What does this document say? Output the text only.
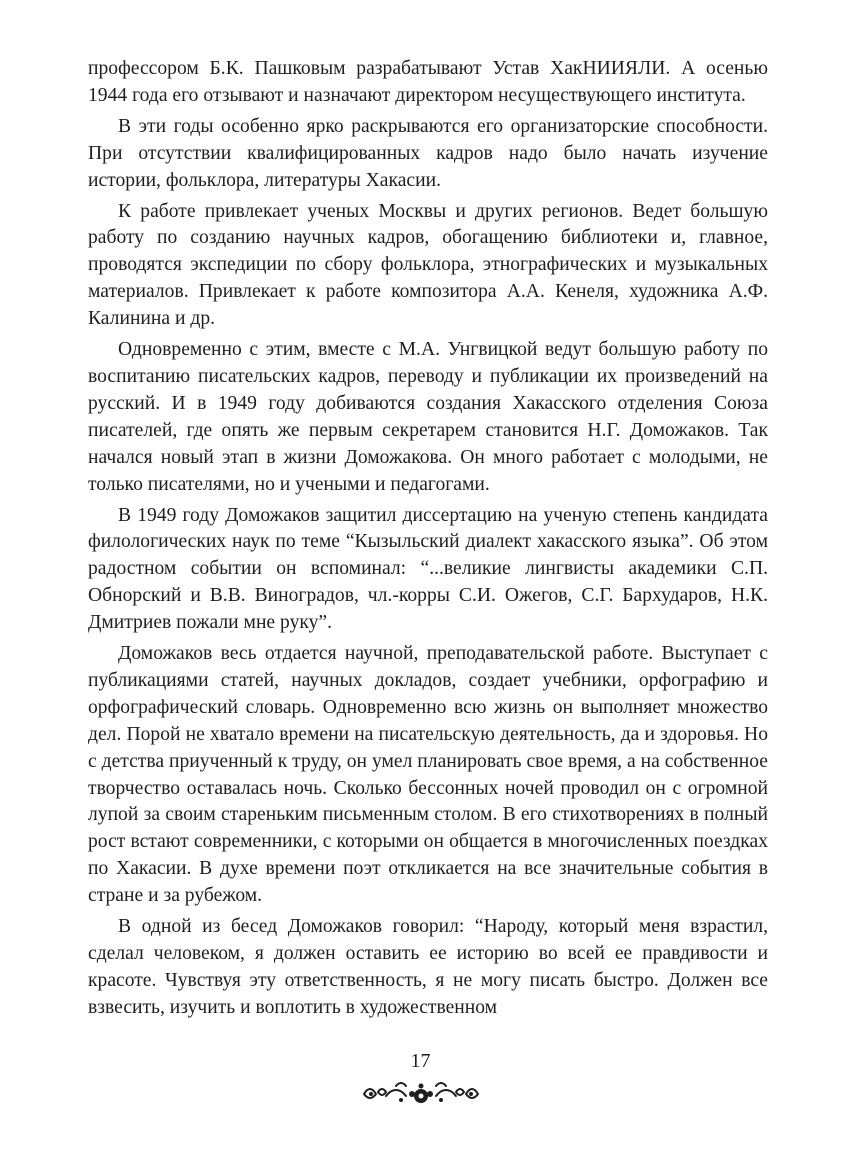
профессором Б.К. Пашковым разрабатывают Устав ХакНИИЯЛИ. А осенью 1944 года его отзывают и назначают директором несуществующего института.

В эти годы особенно ярко раскрываются его организаторские способности. При отсутствии квалифицированных кадров надо было начать изучение истории, фольклора, литературы Хакасии.

К работе привлекает ученых Москвы и других регионов. Ведет большую работу по созданию научных кадров, обогащению библиотеки и, главное, проводятся экспедиции по сбору фольклора, этнографических и музыкальных материалов. Привлекает к работе композитора А.А. Кенеля, художника А.Ф. Калинина и др.

Одновременно с этим, вместе с М.А. Унгвицкой ведут большую работу по воспитанию писательских кадров, переводу и публикации их произведений на русский. И в 1949 году добиваются создания Хакасского отделения Союза писателей, где опять же первым секретарем становится Н.Г. Доможаков. Так начался новый этап в жизни Доможакова. Он много работает с молодыми, не только писателями, но и учеными и педагогами.

В 1949 году Доможаков защитил диссертацию на ученую степень кандидата филологических наук по теме “Кызыльский диалект хакасского языка”. Об этом радостном событии он вспоминал: “...великие лингвисты академики С.П. Обнорский и В.В. Виноградов, чл.-корры С.И. Ожегов, С.Г. Бархударов, Н.К. Дмитриев пожали мне руку”.

Доможаков весь отдается научной, преподавательской работе. Выступает с публикациями статей, научных докладов, создает учебники, орфографию и орфографический словарь. Одновременно всю жизнь он выполняет множество дел. Порой не хватало времени на писательскую деятельность, да и здоровья. Но с детства приученный к труду, он умел планировать свое время, а на собственное творчество оставалась ночь. Сколько бессонных ночей проводил он с огромной лупой за своим стареньким письменным столом. В его стихотворениях в полный рост встают современники, с которыми он общается в многочисленных поездках по Хакасии. В духе времени поэт откликается на все значительные события в стране и за рубежом.

В одной из бесед Доможаков говорил: “Народу, который меня взрастил, сделал человеком, я должен оставить ее историю во всей ее правдивости и красоте. Чувствуя эту ответственность, я не могу писать быстро. Должен все взвесить, изучить и воплотить в художественном

17
